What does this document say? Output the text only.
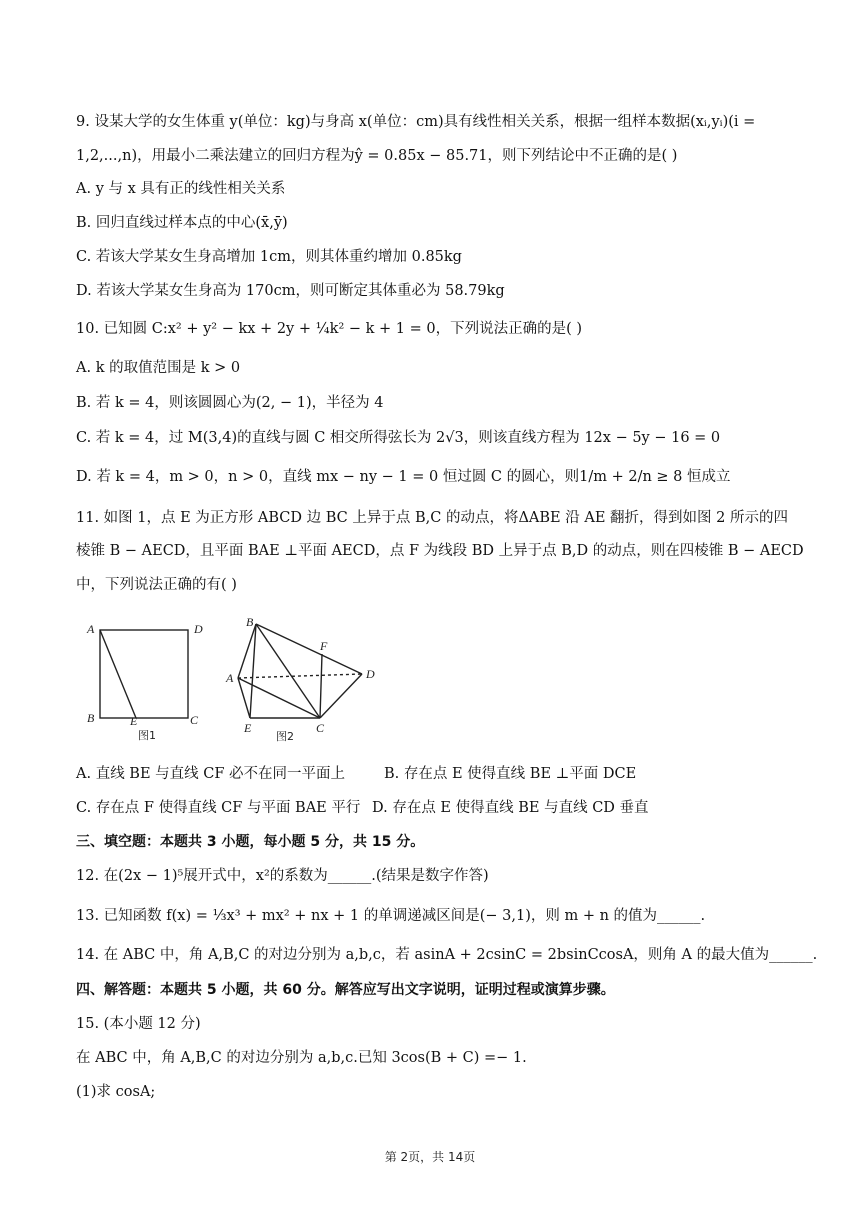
9. 设某大学的女生体重 y(单位：kg)与身高 x(单位：cm)具有线性相关关系，根据一组样本数据(xᵢ,yᵢ)(i =
1,2,...,n)，用最小二乘法建立的回归方程为ŷ = 0.85x − 85.71，则下列结论中不正确的是( )
A. y 与 x 具有正的线性相关关系
B. 回归直线过样本点的中心(x̄,ȳ)
C. 若该大学某女生身高增加 1cm，则其体重约增加 0.85kg
D. 若该大学某女生身高为 170cm，则可断定其体重必为 58.79kg
10. 已知圆 C:x² + y² − kx + 2y + ¼k² − k + 1 = 0，下列说法正确的是( )
A. k 的取值范围是 k > 0
B. 若 k = 4，则该圆圆心为(2, − 1)，半径为 4
C. 若 k = 4，过 M(3,4)的直线与圆 C 相交所得弦长为 2√3，则该直线方程为 12x − 5y − 16 = 0
D. 若 k = 4，m > 0，n > 0，直线 mx − ny − 1 = 0 恒过圆 C 的圆心，则1/m + 2/n ≥ 8 恒成立
11. 如图 1，点 E 为正方形 ABCD 边 BC 上异于点 B,C 的动点，将ΔABE 沿 AE 翻折，得到如图 2 所示的四
棱锥 B − AECD，且平面 BAE ⊥平面 AECD，点 F 为线段 BD 上异于点 B,D 的动点，则在四棱锥 B − AECD
中，下列说法正确的有( )
A	D
B	E	C
图1
B
A
E	C
D
F
图2
A. 直线 BE 与直线 CF 必不在同一平面上	B. 存在点 E 使得直线 BE ⊥平面 DCE
C. 存在点 F 使得直线 CF 与平面 BAE 平行 D. 存在点 E 使得直线 BE 与直线 CD 垂直
三、填空题：本题共 3 小题，每小题 5 分，共 15 分。
12. 在(2x − 1)⁵展开式中，x²的系数为______.(结果是数字作答)
13. 已知函数 f(x) = ⅓x³ + mx² + nx + 1 的单调递减区间是(− 3,1)，则 m + n 的值为______.
14. 在 ABC 中，角 A,B,C 的对边分别为 a,b,c，若 asinA + 2csinC = 2bsinCcosA，则角 A 的最大值为______.
四、解答题：本题共 5 小题，共 60 分。解答应写出文字说明，证明过程或演算步骤。
15. (本小题 12 分)
在 ABC 中，角 A,B,C 的对边分别为 a,b,c.已知 3cos(B + C) =− 1.
(1)求 cosA;
第 2页，共 14页
